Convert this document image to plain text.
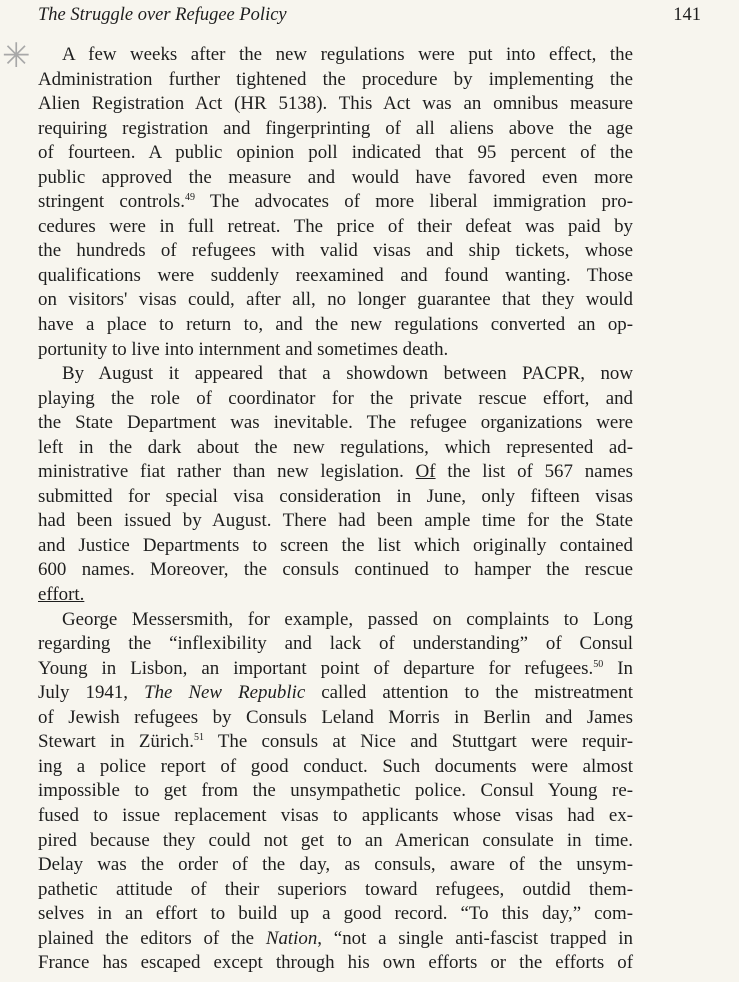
The Struggle over Refugee Policy	141
✳	A few weeks after the new regulations were put into effect, the
Administration further tightened the procedure by implementing the
Alien Registration Act (HR 5138). This Act was an omnibus measure
requiring registration and fingerprinting of all aliens above the age
of fourteen. A public opinion poll indicated that 95 percent of the
public approved the measure and would have favored even more
stringent controls.$^{49}$ The advocates of more liberal immigration pro-
cedures were in full retreat. The price of their defeat was paid by
the hundreds of refugees with valid visas and ship tickets, whose
qualifications were suddenly reexamined and found wanting. Those
on visitors' visas could, after all, no longer guarantee that they would
have a place to return to, and the new regulations converted an op-
portunity to live into internment and sometimes death.
By August it appeared that a showdown between PACPR, now
playing the role of coordinator for the private rescue effort, and
the State Department was inevitable. The refugee organizations were
left in the dark about the new regulations, which represented ad-
ministrative fiat rather than new legislation. Of the list of 567 names
submitted for special visa consideration in June, only fifteen visas
had been issued by August. There had been ample time for the State
and Justice Departments to screen the list which originally contained
600 names. Moreover, the consuls continued to hamper the rescue
effort.
George Messersmith, for example, passed on complaints to Long
regarding the “inflexibility and lack of understanding” of Consul
Young in Lisbon, an important point of departure for refugees.$^{50}$ In
July 1941, The New Republic called attention to the mistreatment
of Jewish refugees by Consuls Leland Morris in Berlin and James
Stewart in Zürich.$^{51}$ The consuls at Nice and Stuttgart were requir-
ing a police report of good conduct. Such documents were almost
impossible to get from the unsympathetic police. Consul Young re-
fused to issue replacement visas to applicants whose visas had ex-
pired because they could not get to an American consulate in time.
Delay was the order of the day, as consuls, aware of the unsym-
pathetic attitude of their superiors toward refugees, outdid them-
selves in an effort to build up a good record. “To this day,” com-
plained the editors of the Nation, “not a single anti-fascist trapped in
France has escaped except through his own efforts or the efforts of
